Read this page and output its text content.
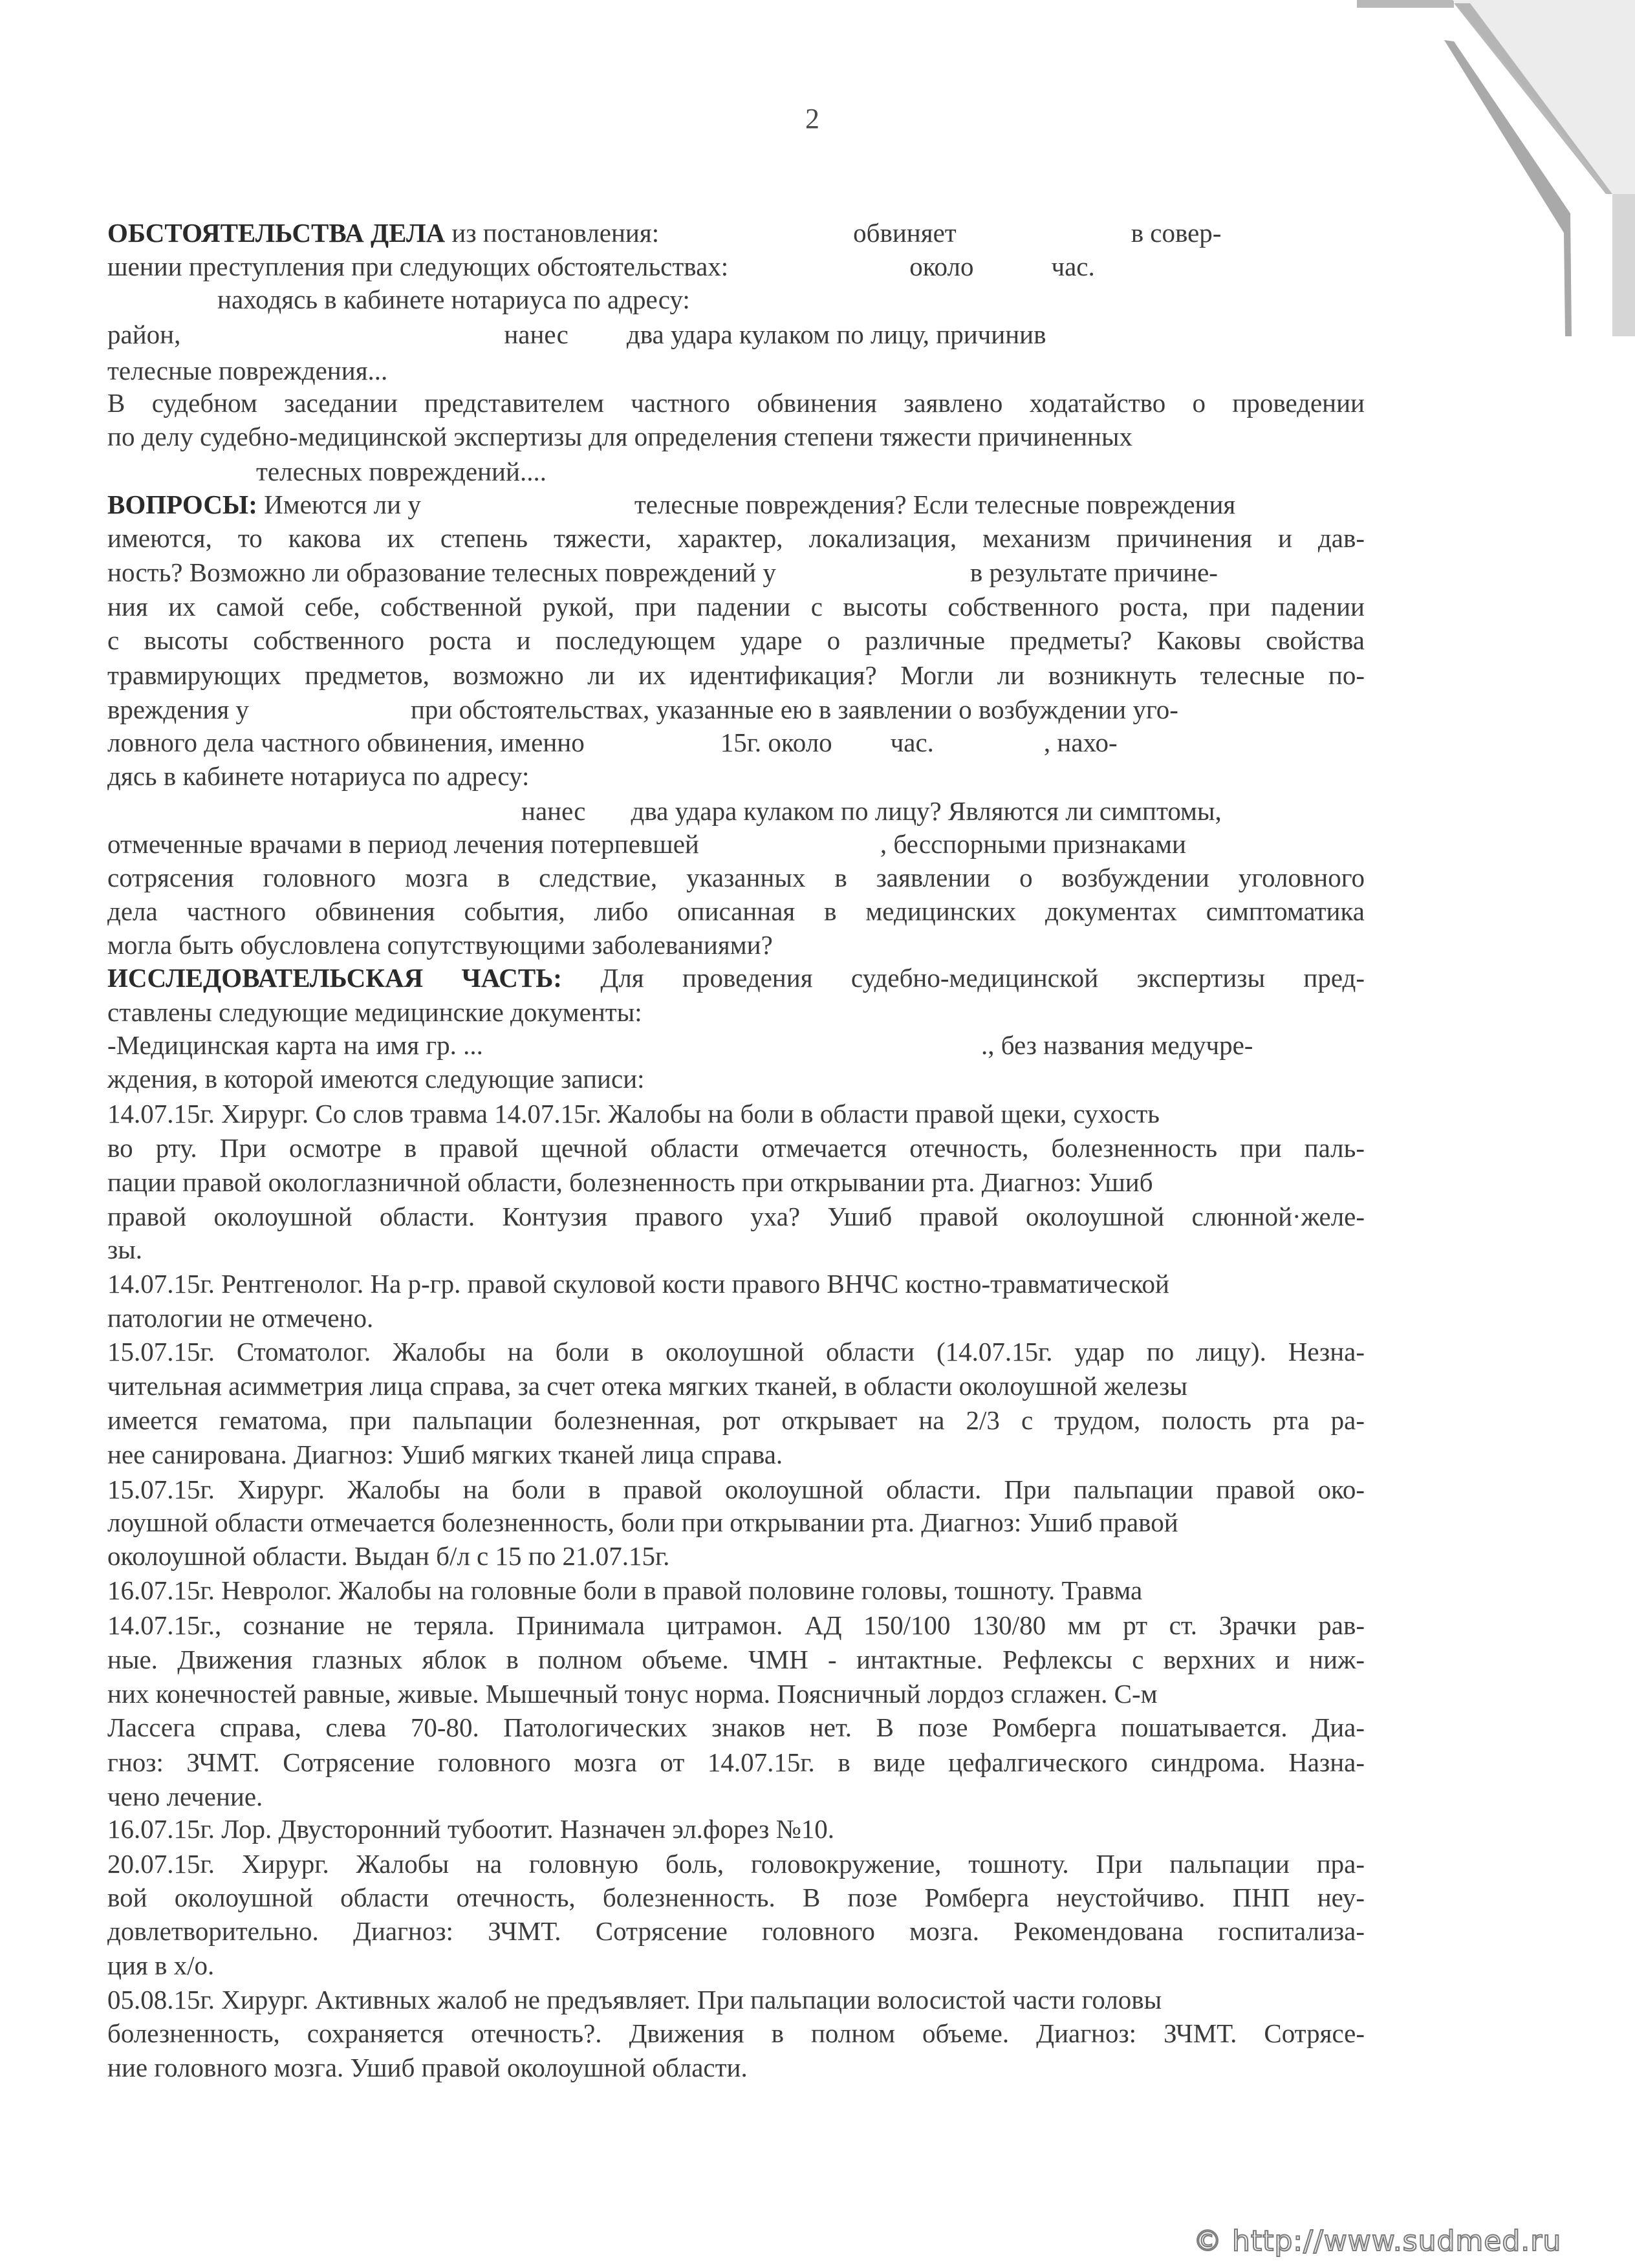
2
ОБСТОЯТЕЛЬСТВА ДЕЛА из постановления:	обвиняет	в совер-
шении преступления при следующих обстоятельствах:	около	час.
находясь в кабинете нотариуса по адресу:
район,	нанес два удара кулаком по лицу, причинив
телесные повреждения...
В судебном заседании представителем частного обвинения заявлено ходатайство о проведении
по делу судебно-медицинской экспертизы для определения степени тяжести причиненных
телесных повреждений....
ВОПРОСЫ: Имеются ли у	телесные повреждения? Если телесные повреждения
имеются, то какова их степень тяжести, характер, локализация, механизм причинения и дав-
ность? Возможно ли образование телесных повреждений у	в результате причине-
ния их самой себе, собственной рукой, при падении с высоты собственного роста, при падении
с высоты собственного роста и последующем ударе о различные предметы? Каковы свойства
травмирующих предметов, возможно ли их идентификация? Могли ли возникнуть телесные по-
вреждения у	при обстоятельствах, указанные ею в заявлении о возбуждении уго-
ловного дела частного обвинения, именно	15г. около час.	, нахо-
дясь в кабинете нотариуса по адресу:
нанес два удара кулаком по лицу? Являются ли симптомы,
отмеченные врачами в период лечения потерпевшей	, бесспорными признаками
сотрясения головного мозга в следствие, указанных в заявлении о возбуждении уголовного
дела частного обвинения события, либо описанная в медицинских документах симптоматика
могла быть обусловлена сопутствующими заболеваниями?
ИССЛЕДОВАТЕЛЬСКАЯ ЧАСТЬ: Для проведения судебно-медицинской экспертизы пред-
ставлены следующие медицинские документы:
-Медицинская карта на имя гр. ...	., без названия медучре-
ждения, в которой имеются следующие записи:
14.07.15г. Хирург. Со слов травма 14.07.15г. Жалобы на боли в области правой щеки, сухость
во рту. При осмотре в правой щечной области отмечается отечность, болезненность при паль-
пации правой окологлазничной области, болезненность при открывании рта. Диагноз: Ушиб
правой околоушной области. Контузия правого уха? Ушиб правой околоушной слюнной·желе-
зы.
14.07.15г. Рентгенолог. На р-гр. правой скуловой кости правого ВНЧС костно-травматической
патологии не отмечено.
15.07.15г. Стоматолог. Жалобы на боли в околоушной области (14.07.15г. удар по лицу). Незна-
чительная асимметрия лица справа, за счет отека мягких тканей, в области околоушной железы
имеется гематома, при пальпации болезненная, рот открывает на 2/3 с трудом, полость рта ра-
нее санирована. Диагноз: Ушиб мягких тканей лица справа.
15.07.15г. Хирург. Жалобы на боли в правой околоушной области. При пальпации правой око-
лоушной области отмечается болезненность, боли при открывании рта. Диагноз: Ушиб правой
околоушной области. Выдан б/л с 15 по 21.07.15г.
16.07.15г. Невролог. Жалобы на головные боли в правой половине головы, тошноту. Травма
14.07.15г., сознание не теряла. Принимала цитрамон. АД 150/100 130/80 мм рт ст. Зрачки рав-
ные. Движения глазных яблок в полном объеме. ЧМН - интактные. Рефлексы с верхних и ниж-
них конечностей равные, живые. Мышечный тонус норма. Поясничный лордоз сглажен. С-м
Лассега справа, слева 70-80. Патологических знаков нет. В позе Ромберга пошатывается. Диа-
гноз: ЗЧМТ. Сотрясение головного мозга от 14.07.15г. в виде цефалгического синдрома. Назна-
чено лечение.
16.07.15г. Лор. Двусторонний тубоотит. Назначен эл.форез №10.
20.07.15г. Хирург. Жалобы на головную боль, головокружение, тошноту. При пальпации пра-
вой околоушной области отечность, болезненность. В позе Ромберга неустойчиво. ПНП неу-
довлетворительно. Диагноз: ЗЧМТ. Сотрясение головного мозга. Рекомендована госпитализа-
ция в х/о.
05.08.15г. Хирург. Активных жалоб не предъявляет. При пальпации волосистой части головы
болезненность, сохраняется отечность?. Движения в полном объеме. Диагноз: ЗЧМТ. Сотрясе-
ние головного мозга. Ушиб правой околоушной области.
© http://www.sudmed.ru
